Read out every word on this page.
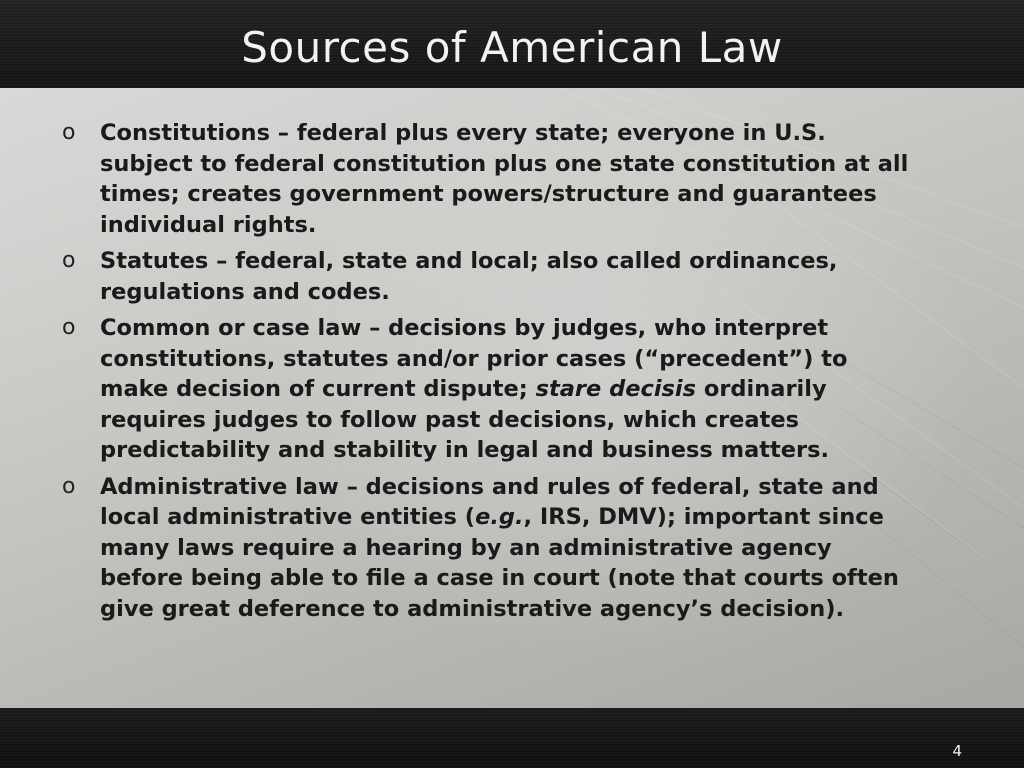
Sources of American Law
o Constitutions – federal plus every state; everyone in U.S. subject to federal constitution plus one state constitution at all times; creates government powers/structure and guarantees individual rights.
o Statutes – federal, state and local; also called ordinances, regulations and codes.
o Common or case law – decisions by judges, who interpret constitutions, statutes and/or prior cases (“precedent”) to make decision of current dispute; stare decisis ordinarily requires judges to follow past decisions, which creates predictability and stability in legal and business matters.
o Administrative law – decisions and rules of federal, state and local administrative entities (e.g., IRS, DMV); important since many laws require a hearing by an administrative agency before being able to file a case in court (note that courts often give great deference to administrative agency’s decision).
4
